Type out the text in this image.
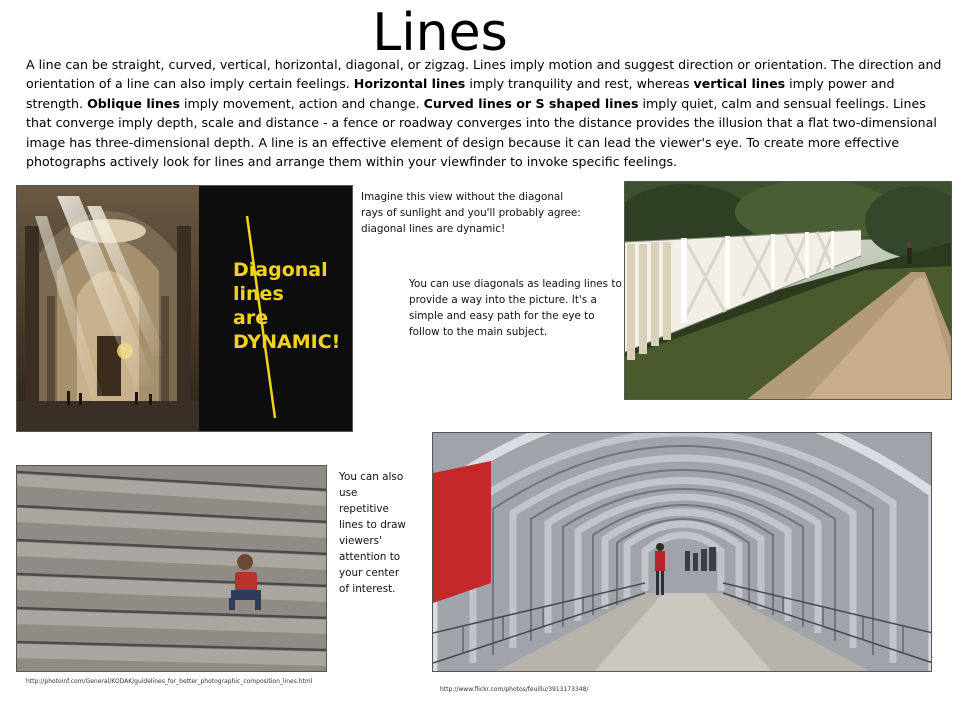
Lines
A line can be straight, curved, vertical, horizontal, diagonal, or zigzag. Lines imply motion and suggest direction or orientation. The direction and orientation of a line can also imply certain feelings. Horizontal lines imply tranquility and rest, whereas vertical lines imply power and strength. Oblique lines imply movement, action and change. Curved lines or S shaped lines imply quiet, calm and sensual feelings. Lines that converge imply depth, scale and distance - a fence or roadway converges into the distance provides the illusion that a flat two-dimensional image has three-dimensional depth. A line is an effective element of design because it can lead the viewer's eye. To create more effective photographs actively look for lines and arrange them within your viewfinder to invoke specific feelings.
Diagonal
lines
are
DYNAMIC!
Imagine this view without the diagonal rays of sunlight and you'll probably agree: diagonal lines are dynamic!
You can use diagonals as leading lines to provide a way into the picture. It's a simple and easy path for the eye to follow to the main subject.
You can also use repetitive lines to draw viewers' attention to your center of interest.
http://photoinf.com/General/KODAK/guidelines_for_better_photographic_composition_lines.html
http://www.flickr.com/photos/feuillu/3913173348/
